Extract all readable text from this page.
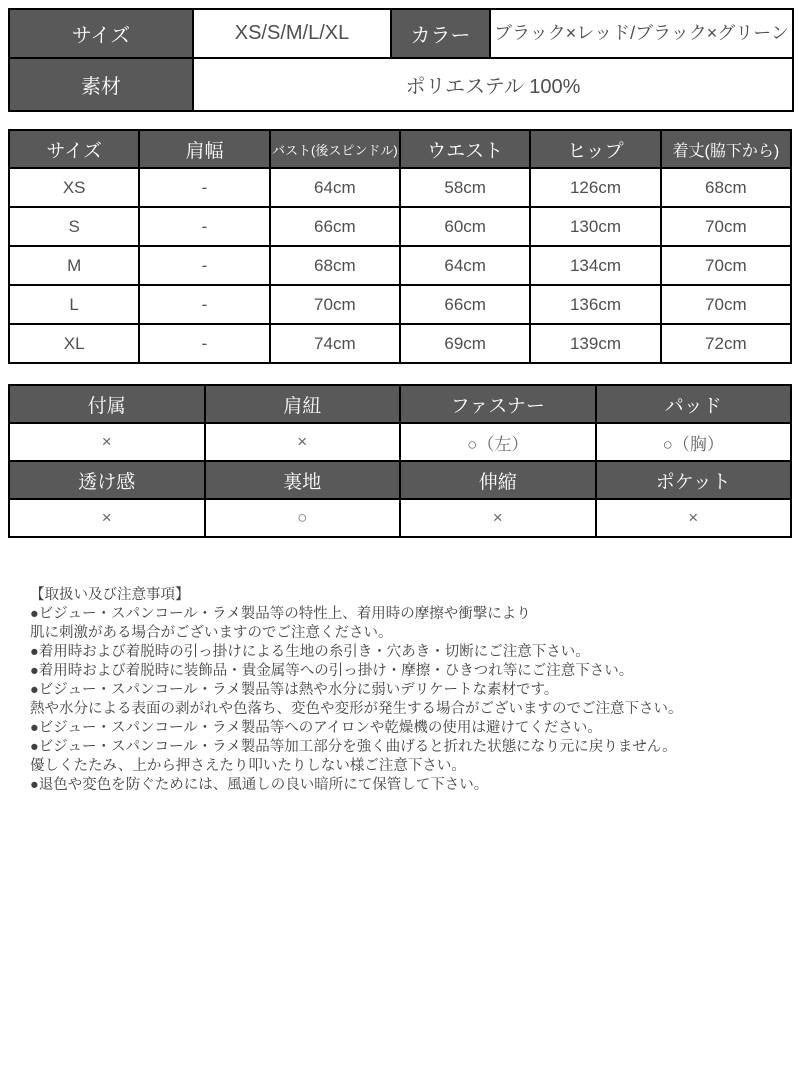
サイズ	XS/S/M/L/XL	カラー	ブラック×レッド/ブラック×グリーン
素材	ポリエステル 100%		
サイズ	肩幅	バスト(後スピンドル)	ウエスト	ヒップ	着丈(脇下から)
XS	-	64cm	58cm	126cm	68cm
S	-	66cm	60cm	130cm	70cm
M	-	68cm	64cm	134cm	70cm
L	-	70cm	66cm	136cm	70cm
XL	-	74cm	69cm	139cm	72cm
付属	肩紐	ファスナー	パッド
×	×	○（左）	○（胸）
透け感	裏地	伸縮	ポケット
×	○	×	×
【取扱い及び注意事項】
●ビジュー・スパンコール・ラメ製品等の特性上、着用時の摩擦や衝撃により
肌に刺激がある場合がございますのでご注意ください。
●着用時および着脱時の引っ掛けによる生地の糸引き・穴あき・切断にご注意下さい。
●着用時および着脱時に装飾品・貴金属等への引っ掛け・摩擦・ひきつれ等にご注意下さい。
●ビジュー・スパンコール・ラメ製品等は熱や水分に弱いデリケートな素材です。
熱や水分による表面の剥がれや色落ち、変色や変形が発生する場合がございますのでご注意下さい。
●ビジュー・スパンコール・ラメ製品等へのアイロンや乾燥機の使用は避けてください。
●ビジュー・スパンコール・ラメ製品等加工部分を強く曲げると折れた状態になり元に戻りません。
優しくたたみ、上から押さえたり叩いたりしない様ご注意下さい。
●退色や変色を防ぐためには、風通しの良い暗所にて保管して下さい。
